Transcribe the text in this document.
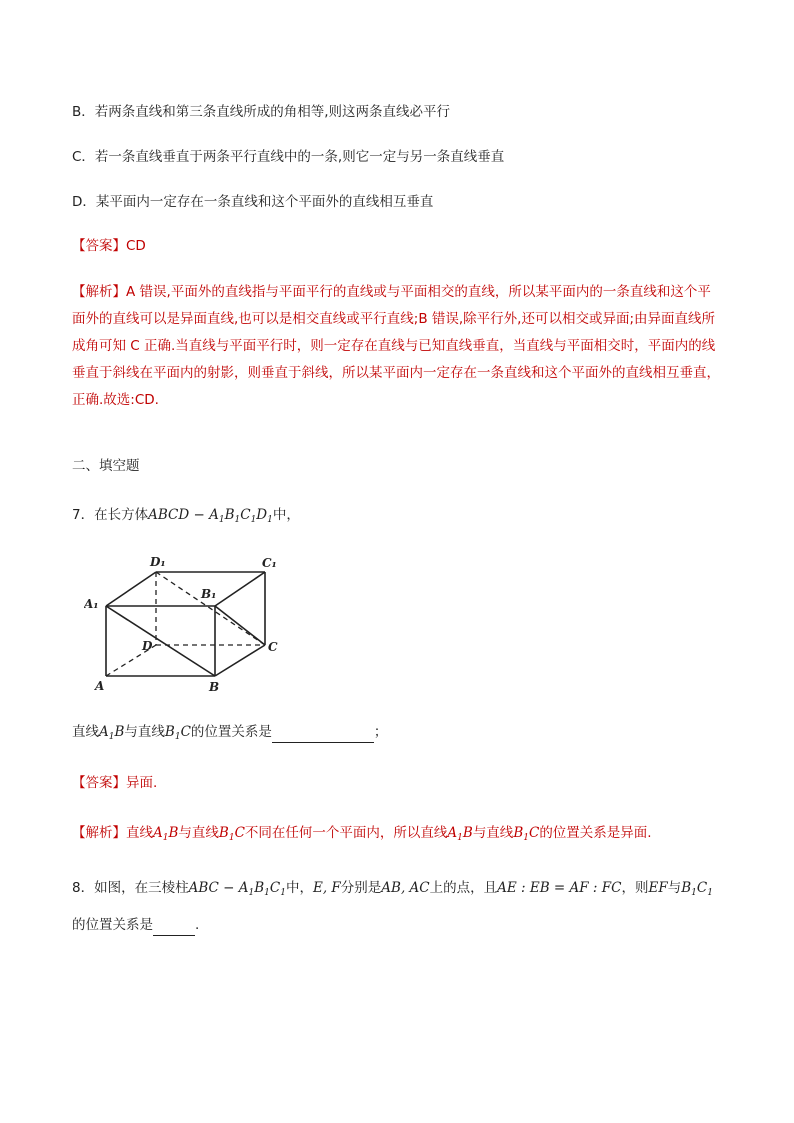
B．若两条直线和第三条直线所成的角相等,则这两条直线必平行
C．若一条直线垂直于两条平行直线中的一条,则它一定与另一条直线垂直
D．某平面内一定存在一条直线和这个平面外的直线相互垂直
【答案】CD
【解析】A 错误,平面外的直线指与平面平行的直线或与平面相交的直线，所以某平面内的一条直线和这个平面外的直线可以是异面直线,也可以是相交直线或平行直线;B 错误,除平行外,还可以相交或异面;由异面直线所成角可知 C 正确.当直线与平面平行时，则一定存在直线与已知直线垂直，当直线与平面相交时，平面内的线垂直于斜线在平面内的射影，则垂直于斜线，所以某平面内一定存在一条直线和这个平面外的直线相互垂直，正确.故选:CD.
二、填空题
7．在长方体ABCD − $A_1B_1C_1D_1$中，
D₁	C₁
A₁
B₁
D	C
A	B
直线$A_1B$与直线$B_1C$的位置关系是	；
【答案】异面.
【解析】直线$A_1B$与直线$B_1C$不同在任何一个平面内，所以直线$A_1B$与直线$B_1C$的位置关系是异面.
8．如图，在三棱柱ABC − $A_1B_1C_1$中，E, F分别是AB, AC上的点，且AE : EB = AF : FC，则EF与$B_1C_1$
的位置关系是	.
